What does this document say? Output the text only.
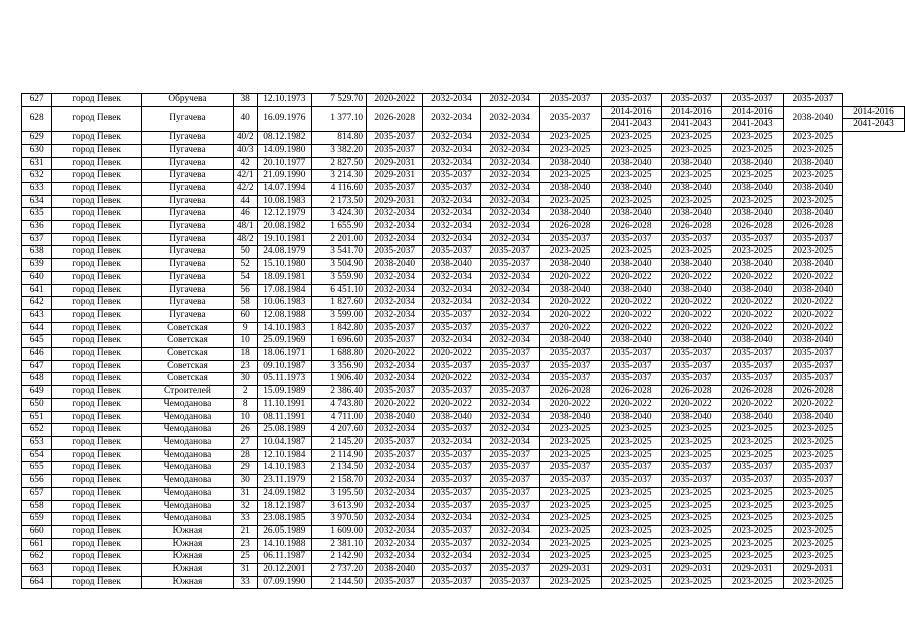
627	город Певек	Обручева	38	12.10.1973	7 529.70	2020-2022	2032-2034	2032-2034	2035-2037	2035-2037	2035-2037	2035-2037	2035-2037	
628	город Певек	Пугачева	40	16.09.1976	1 377.10	2026-2028	2032-2034	2032-2034	2035-2037	2014-2016	2014-2016	2014-2016	2038-2040	2014-2016
										2041-2043	2041-2043	2041-2043		2041-2043
629	город Певек	Пугачева	40/2	08.12.1982	814.80	2035-2037	2032-2034	2032-2034	2023-2025	2023-2025	2023-2025	2023-2025	2023-2025	
630	город Певек	Пугачева	40/3	14.09.1980	3 382.20	2035-2037	2032-2034	2032-2034	2023-2025	2023-2025	2023-2025	2023-2025	2023-2025	
631	город Певек	Пугачева	42	20.10.1977	2 827.50	2029-2031	2032-2034	2032-2034	2038-2040	2038-2040	2038-2040	2038-2040	2038-2040	
632	город Певек	Пугачева	42/1	21.09.1990	3 214.30	2029-2031	2035-2037	2032-2034	2023-2025	2023-2025	2023-2025	2023-2025	2023-2025	
633	город Певек	Пугачева	42/2	14.07.1994	4 116.60	2035-2037	2035-2037	2032-2034	2038-2040	2038-2040	2038-2040	2038-2040	2038-2040	
634	город Певек	Пугачева	44	10.08.1983	2 173.50	2029-2031	2032-2034	2032-2034	2023-2025	2023-2025	2023-2025	2023-2025	2023-2025	
635	город Певек	Пугачева	46	12.12.1979	3 424.30	2032-2034	2032-2034	2032-2034	2038-2040	2038-2040	2038-2040	2038-2040	2038-2040	
636	город Певек	Пугачева	48/1	20.08.1982	1 655.90	2032-2034	2032-2034	2032-2034	2026-2028	2026-2028	2026-2028	2026-2028	2026-2028	
637	город Певек	Пугачева	48/2	19.10.1981	2 201.00	2032-2034	2032-2034	2032-2034	2035-2037	2035-2037	2035-2037	2035-2037	2035-2037	
638	город Певек	Пугачева	50	24.08.1979	3 541.70	2035-2037	2035-2037	2035-2037	2023-2025	2023-2025	2023-2025	2023-2025	2023-2025	
639	город Певек	Пугачева	52	15.10.1980	3 504.90	2038-2040	2038-2040	2035-2037	2038-2040	2038-2040	2038-2040	2038-2040	2038-2040	
640	город Певек	Пугачева	54	18.09.1981	3 559.90	2032-2034	2032-2034	2032-2034	2020-2022	2020-2022	2020-2022	2020-2022	2020-2022	
641	город Певек	Пугачева	56	17.08.1984	6 451.10	2032-2034	2032-2034	2032-2034	2038-2040	2038-2040	2038-2040	2038-2040	2038-2040	
642	город Певек	Пугачева	58	10.06.1983	1 827.60	2032-2034	2032-2034	2032-2034	2020-2022	2020-2022	2020-2022	2020-2022	2020-2022	
643	город Певек	Пугачева	60	12.08.1988	3 599.00	2032-2034	2035-2037	2032-2034	2020-2022	2020-2022	2020-2022	2020-2022	2020-2022	
644	город Певек	Советская	9	14.10.1983	1 842.80	2035-2037	2035-2037	2035-2037	2020-2022	2020-2022	2020-2022	2020-2022	2020-2022	
645	город Певек	Советская	10	25.09.1969	1 696.60	2035-2037	2032-2034	2032-2034	2038-2040	2038-2040	2038-2040	2038-2040	2038-2040	
646	город Певек	Советская	18	18.06.1971	1 688.80	2020-2022	2020-2022	2035-2037	2035-2037	2035-2037	2035-2037	2035-2037	2035-2037	
647	город Певек	Советская	23	09.10.1987	3 356.90	2032-2034	2035-2037	2035-2037	2035-2037	2035-2037	2035-2037	2035-2037	2035-2037	
648	город Певек	Советская	30	05.11.1973	1 906.40	2032-2034	2020-2022	2032-2034	2035-2037	2035-2037	2035-2037	2035-2037	2035-2037	
649	город Певек	Строителей	2	15.09.1989	2 386.40	2035-2037	2035-2037	2035-2037	2026-2028	2026-2028	2026-2028	2026-2028	2026-2028	
650	город Певек	Чемоданова	8	11.10.1991	4 743.80	2020-2022	2020-2022	2032-2034	2020-2022	2020-2022	2020-2022	2020-2022	2020-2022	
651	город Певек	Чемоданова	10	08.11.1991	4 711.00	2038-2040	2038-2040	2032-2034	2038-2040	2038-2040	2038-2040	2038-2040	2038-2040	
652	город Певек	Чемоданова	26	25.08.1989	4 207.60	2032-2034	2035-2037	2032-2034	2023-2025	2023-2025	2023-2025	2023-2025	2023-2025	
653	город Певек	Чемоданова	27	10.04.1987	2 145.20	2035-2037	2032-2034	2032-2034	2023-2025	2023-2025	2023-2025	2023-2025	2023-2025	
654	город Певек	Чемоданова	28	12.10.1984	2 114.90	2035-2037	2035-2037	2035-2037	2023-2025	2023-2025	2023-2025	2023-2025	2023-2025	
655	город Певек	Чемоданова	29	14.10.1983	2 134.50	2032-2034	2035-2037	2035-2037	2035-2037	2035-2037	2035-2037	2035-2037	2035-2037	
656	город Певек	Чемоданова	30	23.11.1979	2 158.70	2032-2034	2035-2037	2035-2037	2035-2037	2035-2037	2035-2037	2035-2037	2035-2037	
657	город Певек	Чемоданова	31	24.09.1982	3 195.50	2032-2034	2035-2037	2035-2037	2023-2025	2023-2025	2023-2025	2023-2025	2023-2025	
658	город Певек	Чемоданова	32	18.12.1987	3 613.90	2032-2034	2035-2037	2035-2037	2023-2025	2023-2025	2023-2025	2023-2025	2023-2025	
659	город Певек	Чемоданова	33	23.08.1985	3 970.50	2032-2034	2032-2034	2032-2034	2023-2025	2023-2025	2023-2025	2023-2025	2023-2025	
660	город Певек	Южная	21	26.05.1989	1 609.00	2032-2034	2035-2037	2032-2034	2023-2025	2023-2025	2023-2025	2023-2025	2023-2025	
661	город Певек	Южная	23	14.10.1988	2 381.10	2032-2034	2035-2037	2032-2034	2023-2025	2023-2025	2023-2025	2023-2025	2023-2025	
662	город Певек	Южная	25	06.11.1987	2 142.90	2032-2034	2032-2034	2032-2034	2023-2025	2023-2025	2023-2025	2023-2025	2023-2025	
663	город Певек	Южная	31	20.12.2001	2 737.20	2038-2040	2035-2037	2035-2037	2029-2031	2029-2031	2029-2031	2029-2031	2029-2031	
664	город Певек	Южная	33	07.09.1990	2 144.50	2035-2037	2035-2037	2035-2037	2023-2025	2023-2025	2023-2025	2023-2025	2023-2025	
